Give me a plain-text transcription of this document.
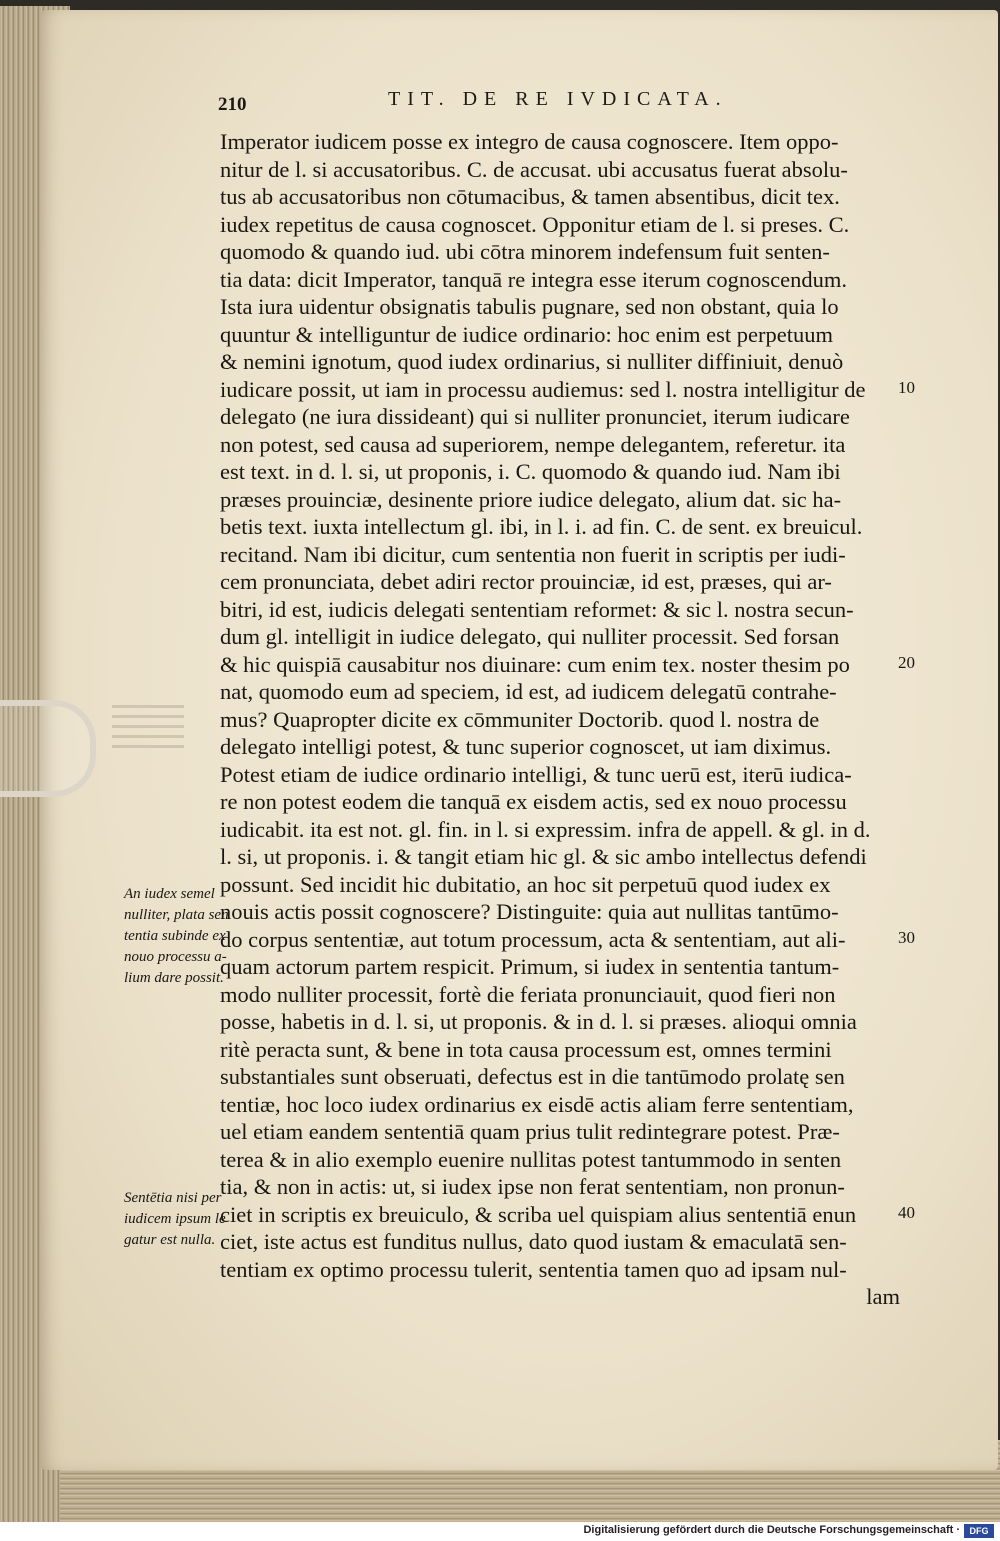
210	TIT. DE RE IVDICATA.
Imperator iudicem posse ex integro de causa cognoscere. Item oppo-
nitur de l. si accusatoribus. C. de accusat. ubi accusatus fuerat absolu-
tus ab accusatoribus non cōtumacibus, & tamen absentibus, dicit tex.
iudex repetitus de causa cognoscet. Opponitur etiam de l. si preses. C.
quomodo & quando iud. ubi cōtra minorem indefensum fuit senten-
tia data: dicit Imperator, tanquā re integra esse iterum cognoscendum.
Ista iura uidentur obsignatis tabulis pugnare, sed non obstant, quia lo
quuntur & intelliguntur de iudice ordinario: hoc enim est perpetuum
& nemini ignotum, quod iudex ordinarius, si nulliter diffiniuit, denuò
iudicare possit, ut iam in processu audiemus: sed l. nostra intelligitur de
delegato (ne iura dissideant) qui si nulliter pronunciet, iterum iudicare
non potest, sed causa ad superiorem, nempe delegantem, referetur. ita
est text. in d. l. si, ut proponis, i. C. quomodo & quando iud. Nam ibi
præses prouinciæ, desinente priore iudice delegato, alium dat. sic ha-
betis text. iuxta intellectum gl. ibi, in l. i. ad fin. C. de sent. ex breuicul.
recitand. Nam ibi dicitur, cum sententia non fuerit in scriptis per iudi-
cem pronunciata, debet adiri rector prouinciæ, id est, præses, qui ar-
bitri, id est, iudicis delegati sententiam reformet: & sic l. nostra secun-
dum gl. intelligit in iudice delegato, qui nulliter processit. Sed forsan
& hic quispiā causabitur nos diuinare: cum enim tex. noster thesim po
nat, quomodo eum ad speciem, id est, ad iudicem delegatū contrahe-
mus? Quapropter dicite ex cōmmuniter Doctorib. quod l. nostra de
delegato intelligi potest, & tunc superior cognoscet, ut iam diximus.
Potest etiam de iudice ordinario intelligi, & tunc uerū est, iterū iudica-
re non potest eodem die tanquā ex eisdem actis, sed ex nouo processu
iudicabit. ita est not. gl. fin. in l. si expressim. infra de appell. & gl. in d.
l. si, ut proponis. i. & tangit etiam hic gl. & sic ambo intellectus defendi
possunt. Sed incidit hic dubitatio, an hoc sit perpetuū quod iudex ex
nouis actis possit cognoscere? Distinguite: quia aut nullitas tantūmo-
do corpus sententiæ, aut totum processum, acta & sententiam, aut ali-
quam actorum partem respicit. Primum, si iudex in sententia tantum-
modo nulliter processit, fortè die feriata pronunciauit, quod fieri non
posse, habetis in d. l. si, ut proponis. & in d. l. si præses. alioqui omnia
ritè peracta sunt, & bene in tota causa processum est, omnes termini
substantiales sunt obseruati, defectus est in die tantūmodo prolatę sen
tentiæ, hoc loco iudex ordinarius ex eisdē actis aliam ferre sententiam,
uel etiam eandem sententiā quam prius tulit redintegrare potest. Præ-
terea & in alio exemplo euenire nullitas potest tantummodo in senten
tia, & non in actis: ut, si iudex ipse non ferat sententiam, non pronun-
ciet in scriptis ex breuiculo, & scriba uel quispiam alius sententiā enun
ciet, iste actus est funditus nullus, dato quod iustam & emaculatā sen-
tentiam ex optimo processu tulerit, sententia tamen quo ad ipsam nul-
lam
10
20
30
40
An iudex semel
nulliter, plata sen
tentia subinde ex
nouo processu a-
lium dare possit.
Sentētia nisi per
iudicem ipsum le
gatur est nulla.
Digitalisierung gefördert durch die Deutsche Forschungsgemeinschaft ·	DFG
